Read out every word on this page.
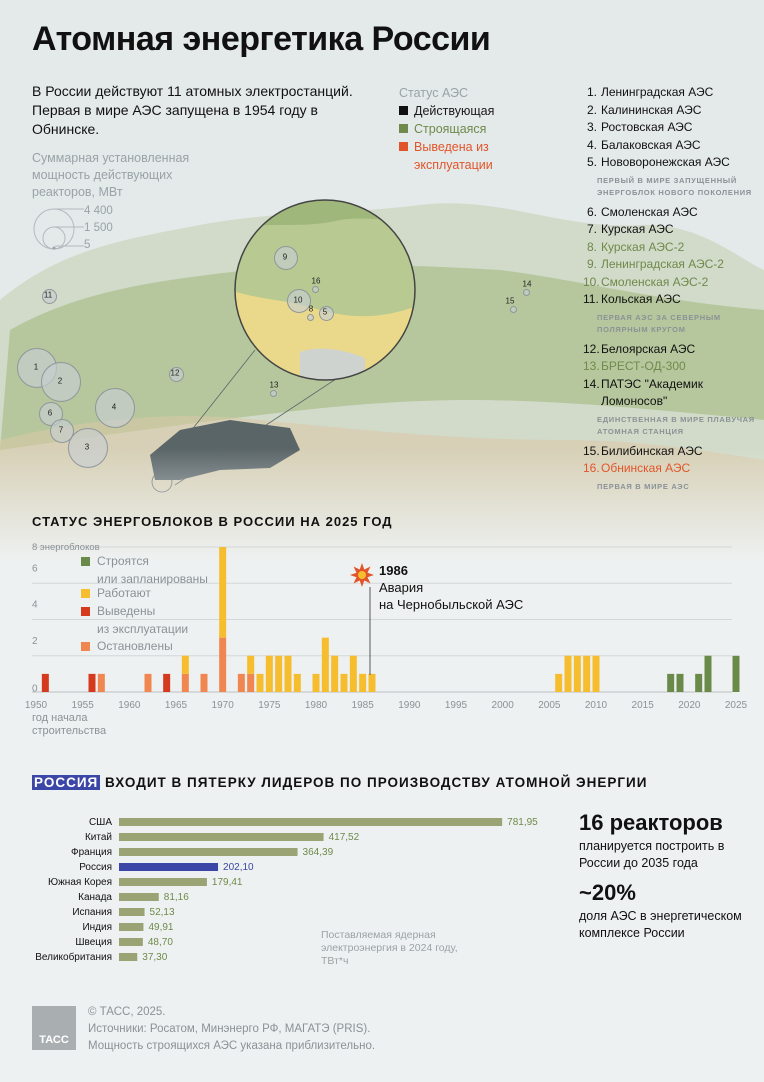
Атомная энергетика России
В России действуют 11 атомных электростанций. Первая в мире АЭС запущена в 1954 году в Обнинске.
Суммарная установленная мощность действующих реакторов, МВт
4 400
1 500
5
Статус АЭС
Действующая
Строящаяся
Выведена из эксплуатации
1. Ленинградская АЭС
2. Калининская АЭС
3. Ростовская АЭС
4. Балаковская АЭС
5. Нововоронежская АЭС
ПЕРВЫЙ В МИРЕ ЗАПУЩЕННЫЙ ЭНЕРГОБЛОК НОВОГО ПОКОЛЕНИЯ
6. Смоленская АЭС
7. Курская АЭС
8. Курская АЭС-2
9. Ленинградская АЭС-2
10. Смоленская АЭС-2
11. Кольская АЭС
ПЕРВАЯ АЭС ЗА СЕВЕРНЫМ ПОЛЯРНЫМ КРУГОМ
12. Белоярская АЭС
13. БРЕСТ-ОД-300
14. ПАТЭС "Академик Ломоносов"
ЕДИНСТВЕННАЯ В МИРЕ ПЛАВУЧАЯ АТОМНАЯ СТАНЦИЯ
15. Билибинская АЭС
16. Обнинская АЭС
ПЕРВАЯ В МИРЕ АЭС
11
1
2
6
7
3
4
12
13
14
15
9
16
10
8 5
СТАТУС ЭНЕРГОБЛОКОВ В РОССИИ НА 2025 ГОД
2
4
6
0
8 энергоблоков
1950 1955 1960 1965 1970 1975 1980 1985 1990 1995 2000 2005 2010 2015 2020 2025
год начала
строительства
Строятся
или запланированы
Работают
Выведены
из эксплуатации
Остановлены
1986
Авария
на Чернобыльской АЭС
РОССИЯ ВХОДИТ В ПЯТЕРКУ ЛИДЕРОВ ПО ПРОИЗВОДСТВУ АТОМНОЙ ЭНЕРГИИ
США	781,95
Китай	417,52
Франция	364,39
Россия	202,10
Южная Корея	179,41
Канада	81,16
Испания	52,13
Индия	49,91
Швеция	48,70
Великобритания	37,30
Поставляемая ядерная электроэнергия в 2024 году, ТВт*ч
16 реакторов
планируется построить в России до 2035 года
~20%
доля АЭС в энергетическом комплексе России
ТАСС
© ТАСС, 2025.
Источники: Росатом, Минэнерго РФ, МАГАТЭ (PRIS).
Мощность строящихся АЭС указана приблизительно.
